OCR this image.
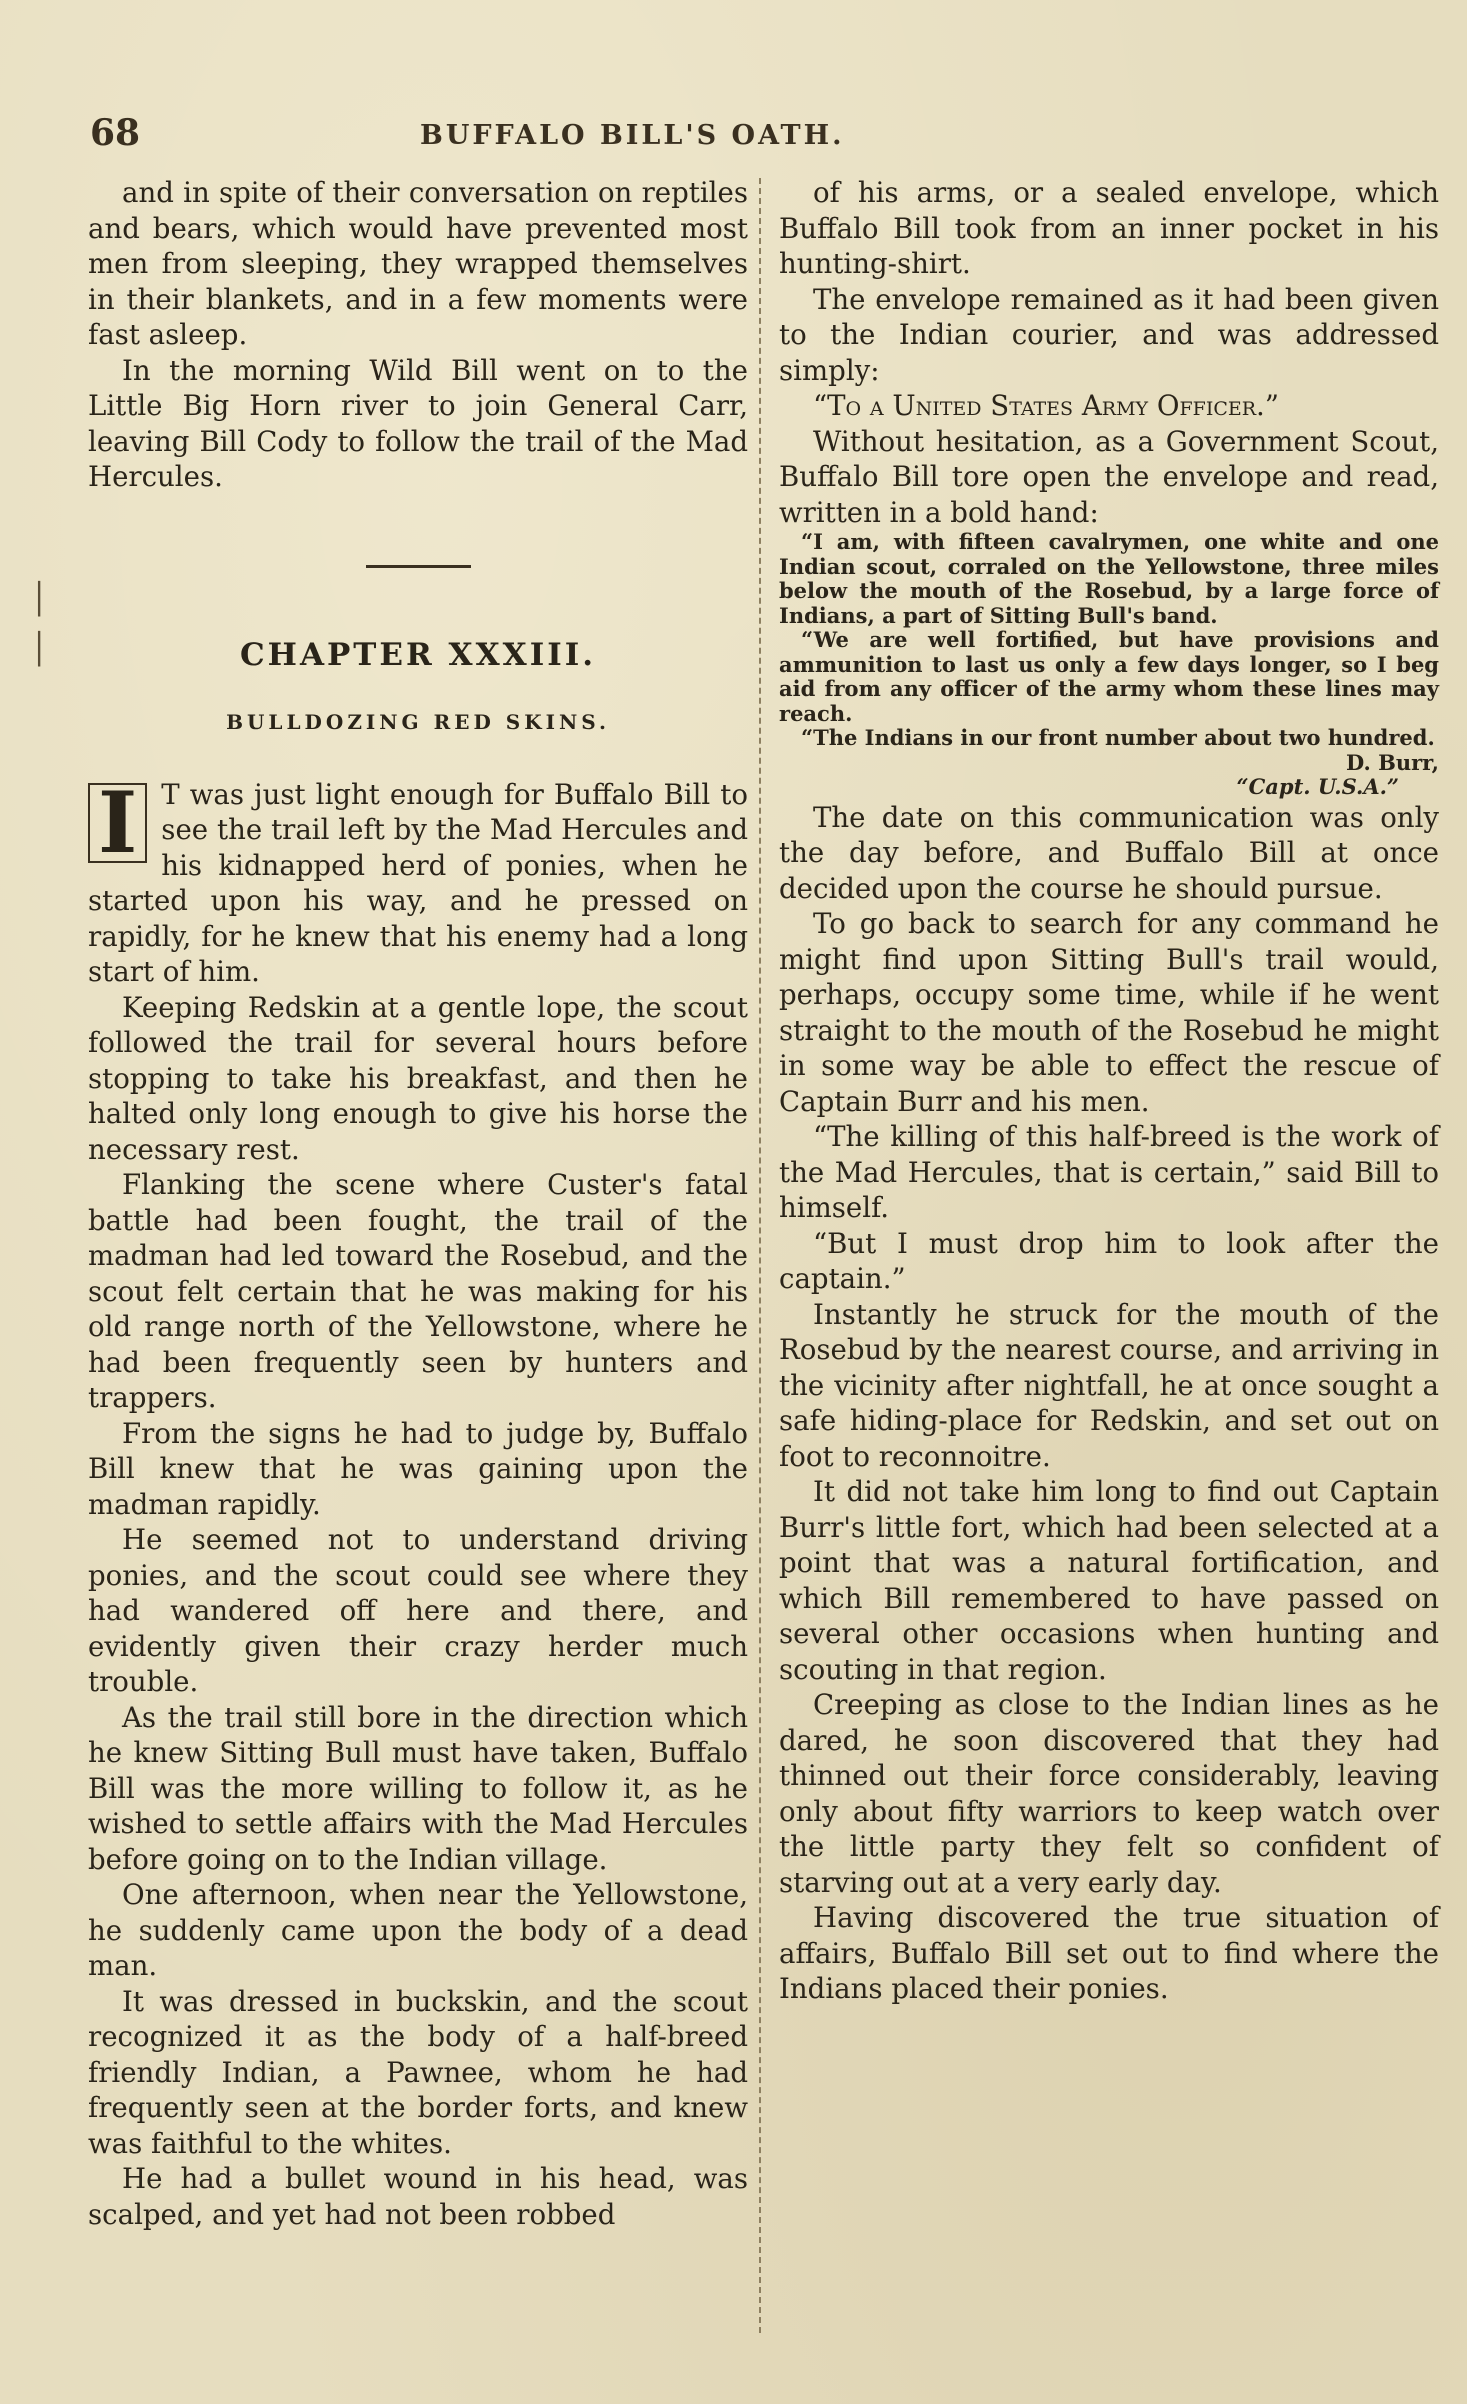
68	BUFFALO BILL'S OATH.
│
│

and in spite of their conversation on reptiles and bears, which would have prevented most men from sleeping, they wrapped themselves in their blankets, and in a few moments were fast asleep.

In the morning Wild Bill went on to the Little Big Horn river to join General Carr, leaving Bill Cody to follow the trail of the Mad Hercules.

CHAPTER XXXIII.
BULLDOZING RED SKINS.

I T was just light enough for Buffalo Bill to see the trail left by the Mad Hercules and his kidnapped herd of ponies, when he started upon his way, and he pressed on rapidly, for he knew that his enemy had a long start of him.

Keeping Redskin at a gentle lope, the scout followed the trail for several hours before stopping to take his breakfast, and then he halted only long enough to give his horse the necessary rest.

Flanking the scene where Custer's fatal battle had been fought, the trail of the madman had led toward the Rosebud, and the scout felt certain that he was making for his old range north of the Yellowstone, where he had been frequently seen by hunters and trappers.

From the signs he had to judge by, Buffalo Bill knew that he was gaining upon the madman rapidly.

He seemed not to understand driving ponies, and the scout could see where they had wandered off here and there, and evidently given their crazy herder much trouble.

As the trail still bore in the direction which he knew Sitting Bull must have taken, Buffalo Bill was the more willing to follow it, as he wished to settle affairs with the Mad Hercules before going on to the Indian village.

One afternoon, when near the Yellowstone, he suddenly came upon the body of a dead man.

It was dressed in buckskin, and the scout recognized it as the body of a half-breed friendly Indian, a Pawnee, whom he had frequently seen at the border forts, and knew was faithful to the whites.

He had a bullet wound in his head, was scalped, and yet had not been robbed

of his arms, or a sealed envelope, which Buffalo Bill took from an inner pocket in his hunting-shirt.

The envelope remained as it had been given to the Indian courier, and was addressed simply:

“To a United States Army Officer.”

Without hesitation, as a Government Scout, Buffalo Bill tore open the envelope and read, written in a bold hand:

“I am, with fifteen cavalrymen, one white and one Indian scout, corraled on the Yellowstone, three miles below the mouth of the Rosebud, by a large force of Indians, a part of Sitting Bull's band.

“We are well fortified, but have provisions and ammunition to last us only a few days longer, so I beg aid from any officer of the army whom these lines may reach.

“The Indians in our front number about two hundred.

D. Burr,
“Capt. U.S.A.”

The date on this communication was only the day before, and Buffalo Bill at once decided upon the course he should pursue.

To go back to search for any command he might find upon Sitting Bull's trail would, perhaps, occupy some time, while if he went straight to the mouth of the Rosebud he might in some way be able to effect the rescue of Captain Burr and his men.

“The killing of this half-breed is the work of the Mad Hercules, that is certain,” said Bill to himself.

“But I must drop him to look after the captain.”

Instantly he struck for the mouth of the Rosebud by the nearest course, and arriving in the vicinity after nightfall, he at once sought a safe hiding-place for Redskin, and set out on foot to reconnoitre.

It did not take him long to find out Captain Burr's little fort, which had been selected at a point that was a natural fortification, and which Bill remembered to have passed on several other occasions when hunting and scouting in that region.

Creeping as close to the Indian lines as he dared, he soon discovered that they had thinned out their force considerably, leaving only about fifty warriors to keep watch over the little party they felt so confident of starving out at a very early day.

Having discovered the true situation of affairs, Buffalo Bill set out to find where the Indians placed their ponies.
